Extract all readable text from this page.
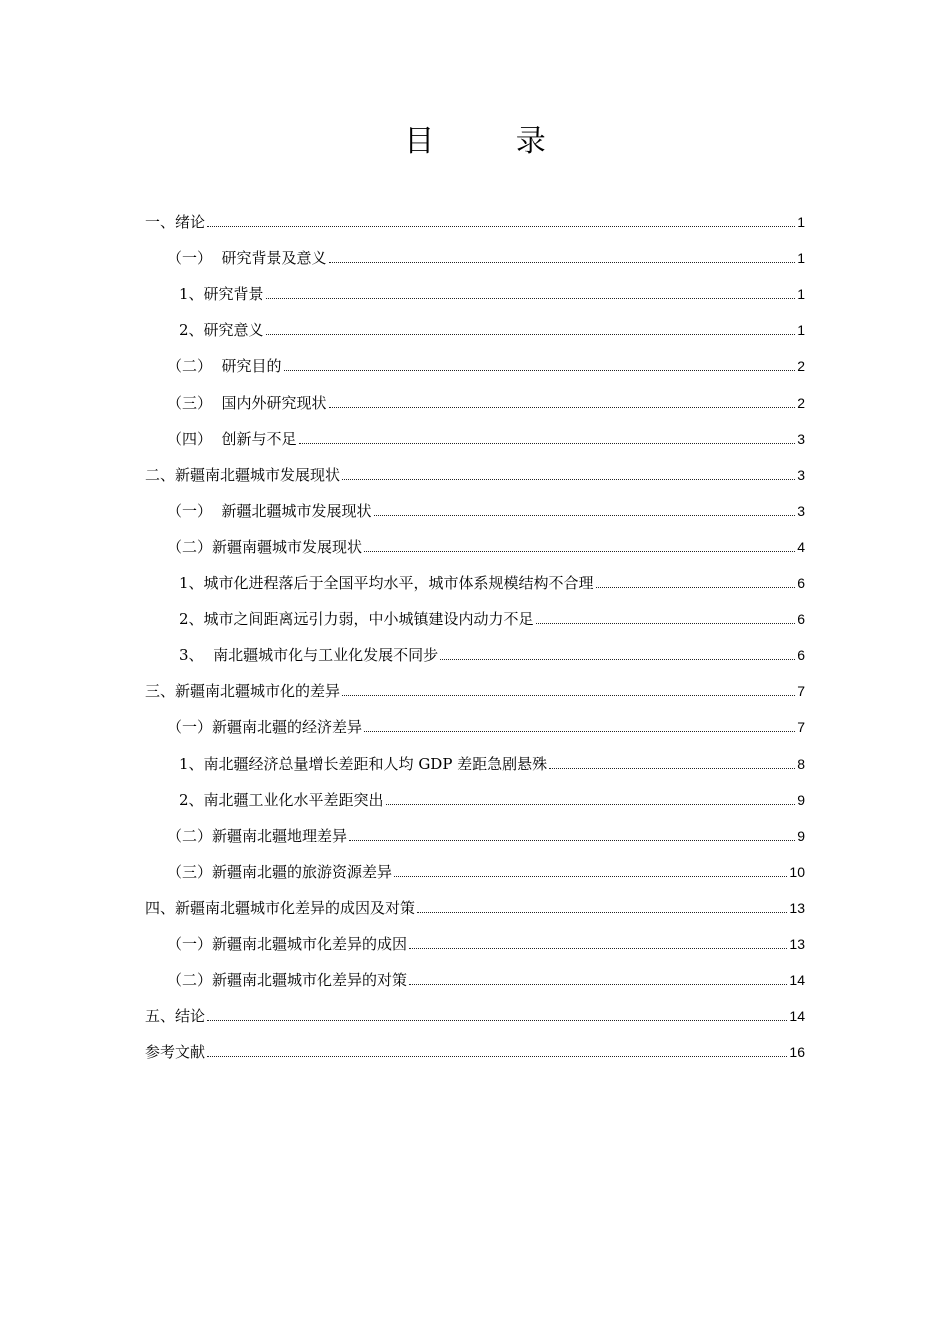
目 录
一、绪论	1
（一）  研究背景及意义	1
1、研究背景	1
2、研究意义	1
（二）  研究目的	2
（三）  国内外研究现状	2
（四）  创新与不足	3
二、新疆南北疆城市发展现状	3
（一）  新疆北疆城市发展现状	3
（二）新疆南疆城市发展现状	4
1、城市化进程落后于全国平均水平，城市体系规模结构不合理	6
2、城市之间距离远引力弱，中小城镇建设内动力不足	6
3、  南北疆城市化与工业化发展不同步	6
三、新疆南北疆城市化的差异	7
（一）新疆南北疆的经济差异	7
1、南北疆经济总量增长差距和人均 GDP 差距急剧悬殊	8
2、南北疆工业化水平差距突出	9
（二）新疆南北疆地理差异	9
（三）新疆南北疆的旅游资源差异	10
四、新疆南北疆城市化差异的成因及对策	13
（一）新疆南北疆城市化差异的成因	13
（二）新疆南北疆城市化差异的对策	14
五、结论	14
参考文献	16
